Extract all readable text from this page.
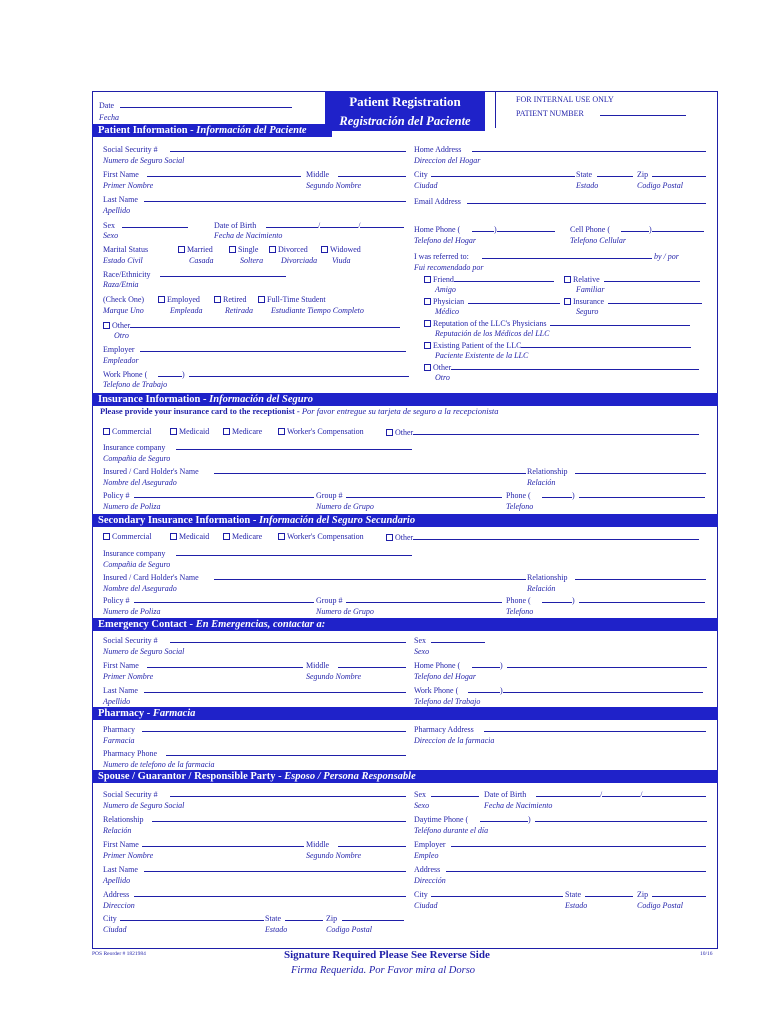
Date
Fecha
Patient Registration
Registración del Paciente
FOR INTERNAL USE ONLY
PATIENT NUMBER
Patient Information - Información del Paciente
Social Security #
Numero de Seguro Social
First Name	Middle
Primer Nombre	Segundo Nombre
Last Name
Apellido
Sex
Sexo
Date of Birth	/	/
Fecha de Nacimiento
Marital Status
Estado Civil
Married
Casada
Single
Soltera
Divorced
Divorciada
Widowed
Viuda
Race/Ethnicity
Raza/Etnia
(Check One)
Marque Uno
Employed
Empleada
Retired
Retirada
Full-Time Student
Estudiante Tiempo Completo
Other
Otro
Employer
Empleador
Work Phone (	)
Telefono de Trabajo
Home Address
Direccion del Hogar
City	State	Zip
Ciudad	Estado	Codigo Postal
Email Address
Home Phone (	)
Telefono del Hogar
Cell Phone (	)
Telefono Cellular
I was referred to:	by / por
Fui recomendado por
Friend
Amigo
Relative
Familiar
Physician
Médico
Insurance
Seguro
Reputation of the LLC's Physicians
Reputación de los Médicos del LLC
Existing Patient of the LLC
Paciente Existente de la LLC
Other
Otro
Insurance Information - Información del Seguro
Please provide your insurance card to the receptionist - Por favor entregue su tarjeta de seguro a la recepcionista
Commercial	Medicaid	Medicare	Worker's Compensation	Other
Insurance company
Compañia de Seguro
Insured / Card Holder's Name
Nombre del Asegurado
Relationship
Relación
Policy #	Group #	Phone (	)
Numero de Poliza	Numero de Grupo	Telefono
Secondary Insurance Information - Información del Seguro Secundario
Commercial	Medicaid	Medicare	Worker's Compensation	Other
Insurance company
Compañia de Seguro
Insured / Card Holder's Name
Nombre del Asegurado
Relationship
Relación
Policy #	Group #	Phone (	)
Numero de Poliza	Numero de Grupo	Telefono
Emergency Contact - En Emergencias, contactar a:
Social Security #
Numero de Seguro Social
Sex
Sexo
First Name	Middle
Primer Nombre	Segundo Nombre
Home Phone (	)
Telefono del Hogar
Last Name
Apellido
Work Phone (	)
Telefono del Trabajo
Pharmacy - Farmacia
Pharmacy
Farmacia
Pharmacy Address
Direccion de la farmacia
Pharmacy Phone
Numero de telefono de la farmacia
Spouse / Guarantor / Responsible Party - Esposo / Persona Responsable
Social Security #
Numero de Seguro Social
Sex
Sexo
Date of Birth	/	/
Fecha de Nacimiento
Relationship
Relación
Daytime Phone (	)
Teléfono durante el día
First Name	Middle
Primer Nombre	Segundo Nombre
Employer
Empleo
Last Name
Apellido
Address
Dirección
Address
Direccion
City	State	Zip
Ciudad	Estado	Codigo Postal
City	State	Zip
Ciudad	Estado	Codigo Postal
POS Reorder # 1821984	Signature Required Please See Reverse Side
Firma Requerida. Por Favor mira al Dorso
10/16
